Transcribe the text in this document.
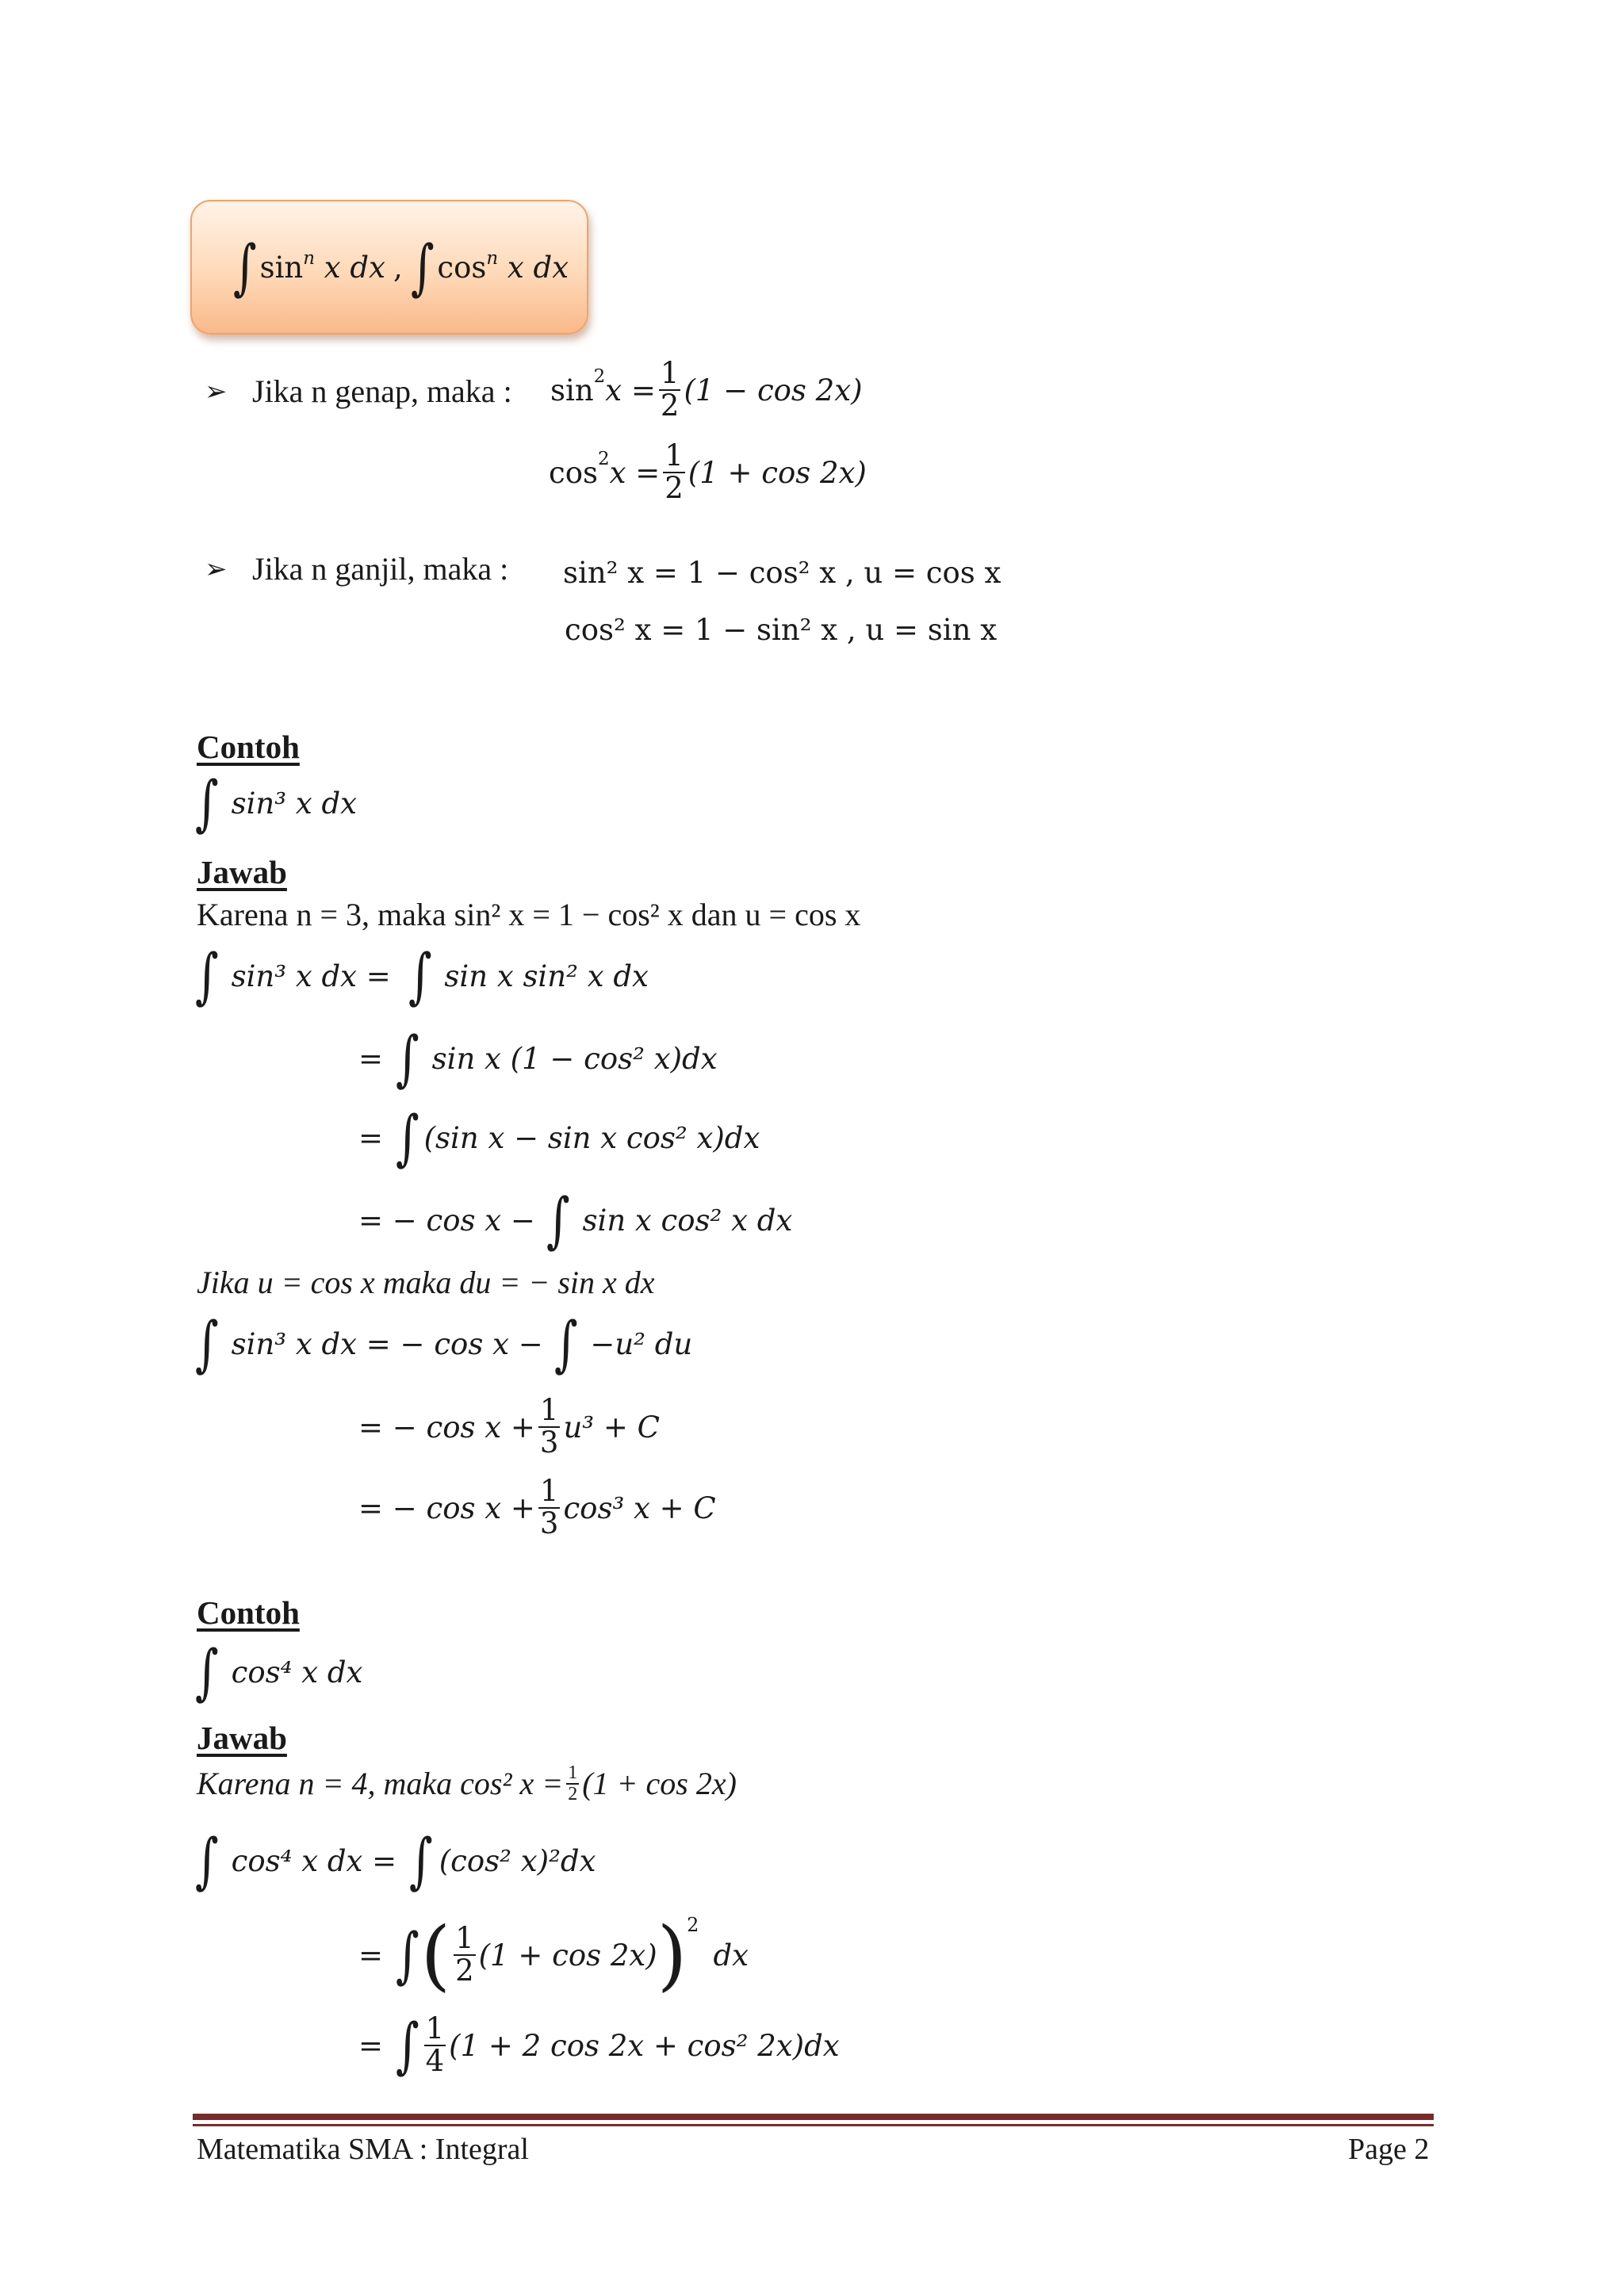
∫ $\sin^n x$ dx , ∫ $\cos^n x$ dx
➢ Jika n genap, maka : $\sin^2 x = \frac{1}{2} (1 - \cos 2x)$
$\cos^2 x = \frac{1}{2} (1 + \cos 2x)$
➢ Jika n ganjil, maka : sin² x = 1 − cos² x , u = cos x
cos² x = 1 − sin² x , u = sin x
Contoh
∫ sin³ x dx
Jawab
Karena n = 3, maka sin² x = 1 − cos² x dan u = cos x
∫ sin³ x dx = ∫ sin x sin² x dx
= ∫ sin x (1 − cos² x)dx
= ∫ (sin x − sin x cos² x)dx
= − cos x − ∫ sin x cos² x dx
Jika u = cos x maka du = − sin x dx
∫ sin³ x dx = − cos x − ∫ −u² du
= − $\cos x + \frac{1}{3} u^3 + C$
= − $\cos x + \frac{1}{3} \cos^3$ x + C
Contoh
∫ cos⁴ x dx
Jawab
Karena n = 4, maka cos² $x = \frac{1}{2} (1 + \cos 2x)$
∫ cos⁴ x dx = ∫ (cos² x)²dx
= ∫ ( $\frac{1}{2} (1 + \cos 2x)$ ) 2
dx
= ∫ $\frac{1}{4} (1 + 2$ cos 2x + cos² 2x)dx
Matematika SMA : Integral	Page 2
